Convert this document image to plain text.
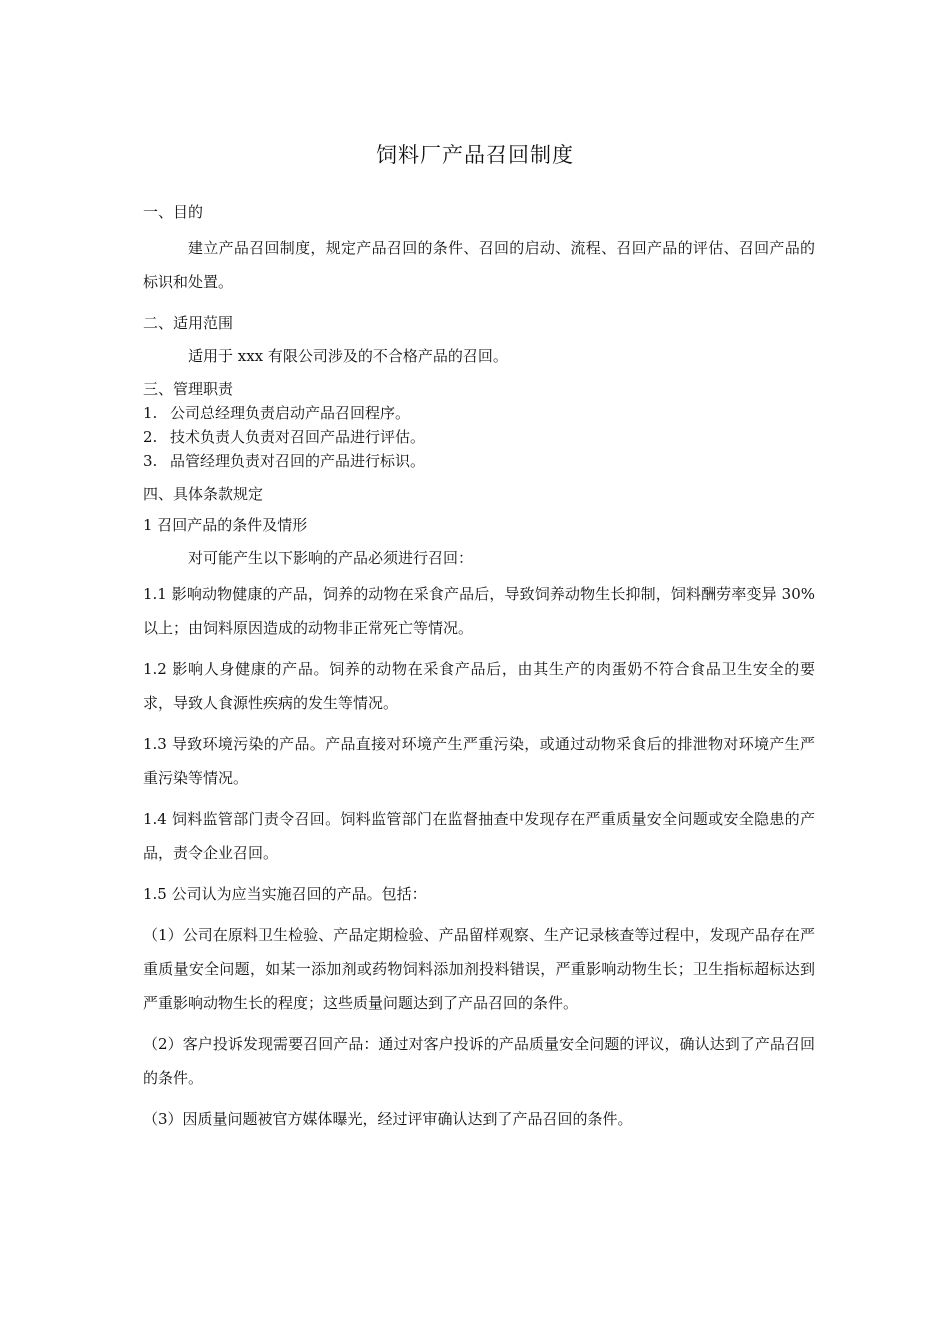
饲料厂产品召回制度

一、目的

建立产品召回制度，规定产品召回的条件、召回的启动、流程、召回产品的评估、召回产品的标识和处置。

二、适用范围

适用于 xxx 有限公司涉及的不合格产品的召回。

三、管理职责

1. 公司总经理负责启动产品召回程序。

2. 技术负责人负责对召回产品进行评估。

3. 品管经理负责对召回的产品进行标识。

四、具体条款规定

1 召回产品的条件及情形

对可能产生以下影响的产品必须进行召回：

1.1 影响动物健康的产品，饲养的动物在采食产品后，导致饲养动物生长抑制，饲料酬劳率变异 30%以上；由饲料原因造成的动物非正常死亡等情况。

1.2 影响人身健康的产品。饲养的动物在采食产品后，由其生产的肉蛋奶不符合食品卫生安全的要求，导致人食源性疾病的发生等情况。

1.3 导致环境污染的产品。产品直接对环境产生严重污染，或通过动物采食后的排泄物对环境产生严重污染等情况。

1.4 饲料监管部门责令召回。饲料监管部门在监督抽查中发现存在严重质量安全问题或安全隐患的产品，责令企业召回。

1.5 公司认为应当实施召回的产品。包括：

（1）公司在原料卫生检验、产品定期检验、产品留样观察、生产记录核查等过程中，发现产品存在严重质量安全问题，如某一添加剂或药物饲料添加剂投料错误，严重影响动物生长；卫生指标超标达到严重影响动物生长的程度；这些质量问题达到了产品召回的条件。

（2）客户投诉发现需要召回产品：通过对客户投诉的产品质量安全问题的评议，确认达到了产品召回的条件。

（3）因质量问题被官方媒体曝光，经过评审确认达到了产品召回的条件。
